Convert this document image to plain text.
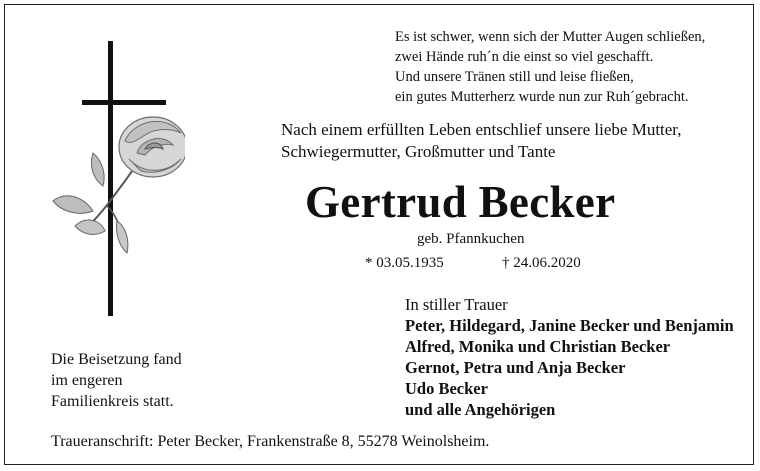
Es ist schwer, wenn sich der Mutter Augen schließen,
zwei Hände ruh´n die einst so viel geschafft.
Und unsere Tränen still und leise fließen,
ein gutes Mutterherz wurde nun zur Ruh´gebracht.
Nach einem erfüllten Leben entschlief unsere liebe Mutter,
Schwiegermutter, Großmutter und Tante
Gertrud Becker
geb. Pfannkuchen
* 03.05.1935	† 24.06.2020
In stiller Trauer
Peter, Hildegard, Janine Becker und Benjamin
Alfred, Monika und Christian Becker
Gernot, Petra und Anja Becker
Udo Becker
und alle Angehörigen
Die Beisetzung fand
im engeren
Familienkreis statt.
Traueranschrift: Peter Becker, Frankenstraße 8, 55278 Weinolsheim.
